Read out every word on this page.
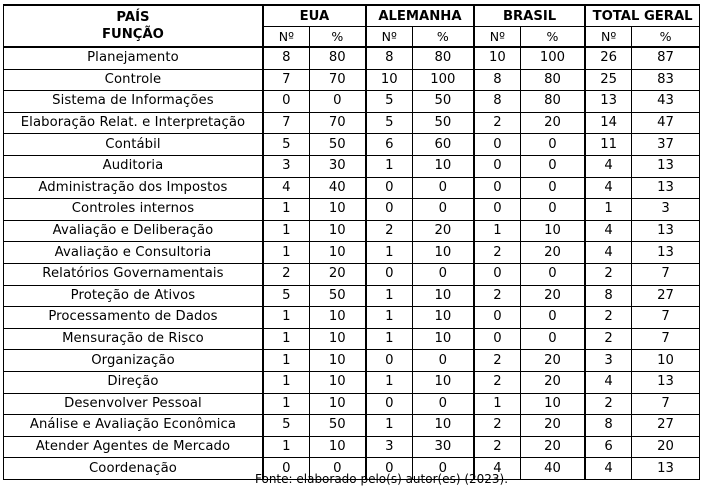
PAÍS
FUNÇÃO	EUA		ALEMANHA		BRASIL		TOTAL GERAL	
	Nº	%	Nº	%	Nº	%	Nº	%
Planejamento	8	80	8	80	10	100	26	87
Controle	7	70	10	100	8	80	25	83
Sistema de Informações	0	0	5	50	8	80	13	43
Elaboração Relat. e Interpretação	7	70	5	50	2	20	14	47
Contábil	5	50	6	60	0	0	11	37
Auditoria	3	30	1	10	0	0	4	13
Administração dos Impostos	4	40	0	0	0	0	4	13
Controles internos	1	10	0	0	0	0	1	3
Avaliação e Deliberação	1	10	2	20	1	10	4	13
Avaliação e Consultoria	1	10	1	10	2	20	4	13
Relatórios Governamentais	2	20	0	0	0	0	2	7
Proteção de Ativos	5	50	1	10	2	20	8	27
Processamento de Dados	1	10	1	10	0	0	2	7
Mensuração de Risco	1	10	1	10	0	0	2	7
Organização	1	10	0	0	2	20	3	10
Direção	1	10	1	10	2	20	4	13
Desenvolver Pessoal	1	10	0	0	1	10	2	7
Análise e Avaliação Econômica	5	50	1	10	2	20	8	27
Atender Agentes de Mercado	1	10	3	30	2	20	6	20
Coordenação	0	0	0	0	4	40	4	13
Fonte: elaborado pelo(s) autor(es) (2023).
